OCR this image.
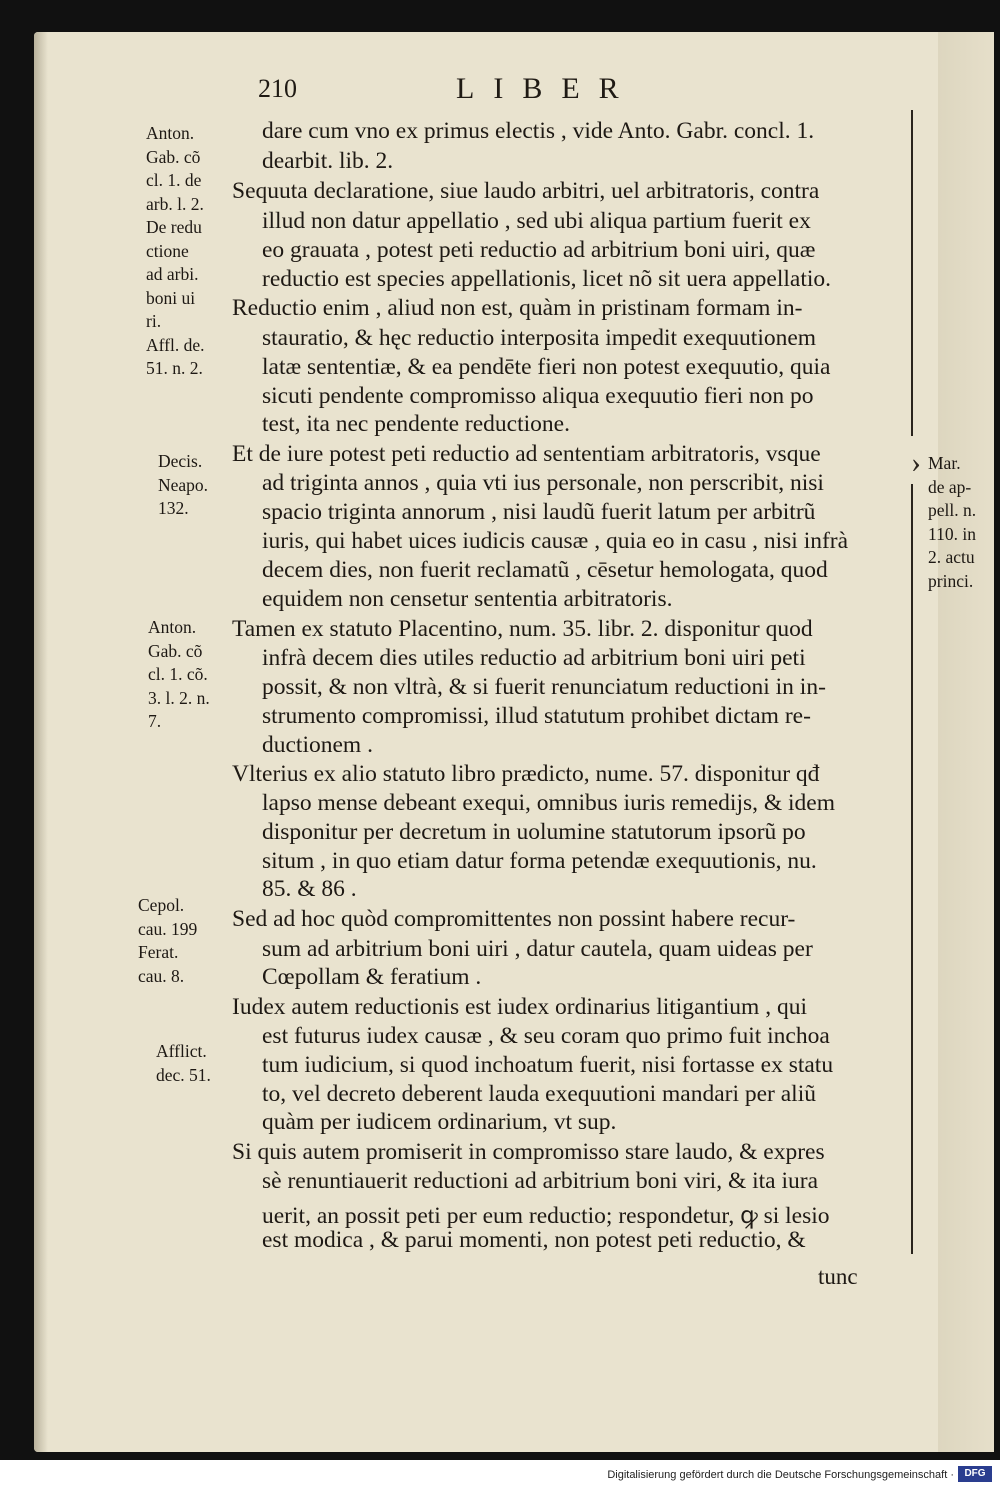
210	LIBER
›
dare cum vno ex primus electis , vide Anto. Gabr. concl. 1.
dearbit. lib. 2.
Sequuta declaratione, siue laudo arbitri, uel arbitratoris, contra
illud non datur appellatio , sed ubi aliqua partium fuerit ex
eo grauata , potest peti reductio ad arbitrium boni uiri, quæ
reductio est species appellationis, licet nõ sit uera appellatio.
Reductio enim , aliud non est, quàm in pristinam formam in-
stauratio, & hęc reductio interposita impedit exequutionem
latæ sententiæ, & ea pendēte fieri non potest exequutio, quia
sicuti pendente compromisso aliqua exequutio fieri non po
test, ita nec pendente reductione.
Et de iure potest peti reductio ad sententiam arbitratoris, vsque
ad triginta annos , quia vti ius personale, non perscribit, nisi
spacio triginta annorum , nisi laudũ fuerit latum per arbitrũ
iuris, qui habet uices iudicis causæ , quia eo in casu , nisi infrà
decem dies, non fuerit reclamatũ , cēsetur hemologata, quod
equidem non censetur sententia arbitratoris.
Tamen ex statuto Placentino, num. 35. libr. 2. disponitur quod
infrà decem dies utiles reductio ad arbitrium boni uiri peti
possit, & non vltrà, & si fuerit renunciatum reductioni in in-
strumento compromissi, illud statutum prohibet dictam re-
ductionem .
Vlterius ex alio statuto libro prædicto, nume. 57. disponitur qđ
lapso mense debeant exequi, omnibus iuris remedijs, & idem
disponitur per decretum in uolumine statutorum ipsorũ po
situm , in quo etiam datur forma petendæ exequutionis, nu.
85. & 86 .
Sed ad hoc quòd compromittentes non possint habere recur-
sum ad arbitrium boni uiri , datur cautela, quam uideas per
Cœpollam & feratium .
Iudex autem reductionis est iudex ordinarius litigantium , qui
est futurus iudex causæ , & seu coram quo primo fuit inchoa
tum iudicium, si quod inchoatum fuerit, nisi fortasse ex statu
to, vel decreto deberent lauda exequutioni mandari per aliũ
quàm per iudicem ordinarium, vt sup.
Si quis autem promiserit in compromisso stare laudo, & expres
sè renuntiauerit reductioni ad arbitrium boni viri, & ita iura
uerit, an possit peti per eum reductio; respondetur, ꝙ si lesio
est modica , & parui momenti, non potest peti reductio, &
tunc
Anton.
Gab. cõ
cl. 1. de
arb. l. 2.
De redu
ctione
ad arbi.
boni ui
ri.
Affl. de.
51. n. 2.
Decis.
Neapo.
132.
Anton.
Gab. cõ
cl. 1. cõ.
3. l. 2. n.
7.
Cepol.
cau. 199
Ferat.
cau. 8.
Afflict.
dec. 51.
Mar.
de ap-
pell. n.
110. in
2. actu
princi.
Digitalisierung gefördert durch die Deutsche Forschungsgemeinschaft ·	DFG
